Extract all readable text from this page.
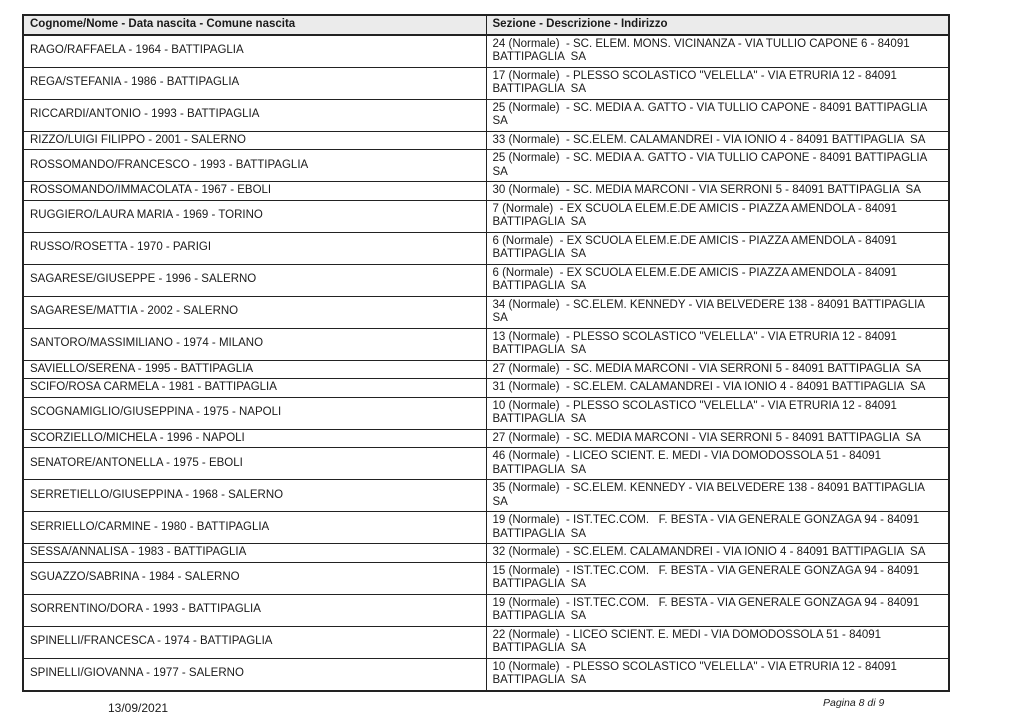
Cognome/Nome - Data nascita - Comune nascita	Sezione - Descrizione - Indirizzo
RAGO/RAFFAELA - 1964 - BATTIPAGLIA	24 (Normale)  - SC. ELEM. MONS. VICINANZA - VIA TULLIO CAPONE 6 - 84091 BATTIPAGLIA  SA
REGA/STEFANIA - 1986 - BATTIPAGLIA	17 (Normale)  - PLESSO SCOLASTICO "VELELLA" - VIA ETRURIA 12 - 84091 BATTIPAGLIA  SA
RICCARDI/ANTONIO - 1993 - BATTIPAGLIA	25 (Normale)  - SC. MEDIA A. GATTO - VIA TULLIO CAPONE - 84091 BATTIPAGLIA  SA
RIZZO/LUIGI FILIPPO - 2001 - SALERNO	33 (Normale)  - SC.ELEM. CALAMANDREI - VIA IONIO 4 - 84091 BATTIPAGLIA  SA
ROSSOMANDO/FRANCESCO - 1993 - BATTIPAGLIA	25 (Normale)  - SC. MEDIA A. GATTO - VIA TULLIO CAPONE - 84091 BATTIPAGLIA  SA
ROSSOMANDO/IMMACOLATA - 1967 - EBOLI	30 (Normale)  - SC. MEDIA MARCONI - VIA SERRONI 5 - 84091 BATTIPAGLIA  SA
RUGGIERO/LAURA MARIA - 1969 - TORINO	7 (Normale)  - EX SCUOLA ELEM.E.DE AMICIS - PIAZZA AMENDOLA - 84091 BATTIPAGLIA  SA
RUSSO/ROSETTA - 1970 - PARIGI	6 (Normale)  - EX SCUOLA ELEM.E.DE AMICIS - PIAZZA AMENDOLA - 84091 BATTIPAGLIA  SA
SAGARESE/GIUSEPPE - 1996 - SALERNO	6 (Normale)  - EX SCUOLA ELEM.E.DE AMICIS - PIAZZA AMENDOLA - 84091 BATTIPAGLIA  SA
SAGARESE/MATTIA - 2002 - SALERNO	34 (Normale)  - SC.ELEM. KENNEDY - VIA BELVEDERE 138 - 84091 BATTIPAGLIA  SA
SANTORO/MASSIMILIANO - 1974 - MILANO	13 (Normale)  - PLESSO SCOLASTICO "VELELLA" - VIA ETRURIA 12 - 84091 BATTIPAGLIA  SA
SAVIELLO/SERENA - 1995 - BATTIPAGLIA	27 (Normale)  - SC. MEDIA MARCONI - VIA SERRONI 5 - 84091 BATTIPAGLIA  SA
SCIFO/ROSA CARMELA - 1981 - BATTIPAGLIA	31 (Normale)  - SC.ELEM. CALAMANDREI - VIA IONIO 4 - 84091 BATTIPAGLIA  SA
SCOGNAMIGLIO/GIUSEPPINA - 1975 - NAPOLI	10 (Normale)  - PLESSO SCOLASTICO "VELELLA" - VIA ETRURIA 12 - 84091 BATTIPAGLIA  SA
SCORZIELLO/MICHELA - 1996 - NAPOLI	27 (Normale)  - SC. MEDIA MARCONI - VIA SERRONI 5 - 84091 BATTIPAGLIA  SA
SENATORE/ANTONELLA - 1975 - EBOLI	46 (Normale)  - LICEO SCIENT. E. MEDI - VIA DOMODOSSOLA 51 - 84091 BATTIPAGLIA  SA
SERRETIELLO/GIUSEPPINA - 1968 - SALERNO	35 (Normale)  - SC.ELEM. KENNEDY - VIA BELVEDERE 138 - 84091 BATTIPAGLIA  SA
SERRIELLO/CARMINE - 1980 - BATTIPAGLIA	19 (Normale)  - IST.TEC.COM.   F. BESTA - VIA GENERALE GONZAGA 94 - 84091 BATTIPAGLIA  SA
SESSA/ANNALISA - 1983 - BATTIPAGLIA	32 (Normale)  - SC.ELEM. CALAMANDREI - VIA IONIO 4 - 84091 BATTIPAGLIA  SA
SGUAZZO/SABRINA - 1984 - SALERNO	15 (Normale)  - IST.TEC.COM.   F. BESTA - VIA GENERALE GONZAGA 94 - 84091 BATTIPAGLIA  SA
SORRENTINO/DORA - 1993 - BATTIPAGLIA	19 (Normale)  - IST.TEC.COM.   F. BESTA - VIA GENERALE GONZAGA 94 - 84091 BATTIPAGLIA  SA
SPINELLI/FRANCESCA - 1974 - BATTIPAGLIA	22 (Normale)  - LICEO SCIENT. E. MEDI - VIA DOMODOSSOLA 51 - 84091 BATTIPAGLIA  SA
SPINELLI/GIOVANNA - 1977 - SALERNO	10 (Normale)  - PLESSO SCOLASTICO "VELELLA" - VIA ETRURIA 12 - 84091 BATTIPAGLIA  SA
13/09/2021	Pagina 8 di 9
